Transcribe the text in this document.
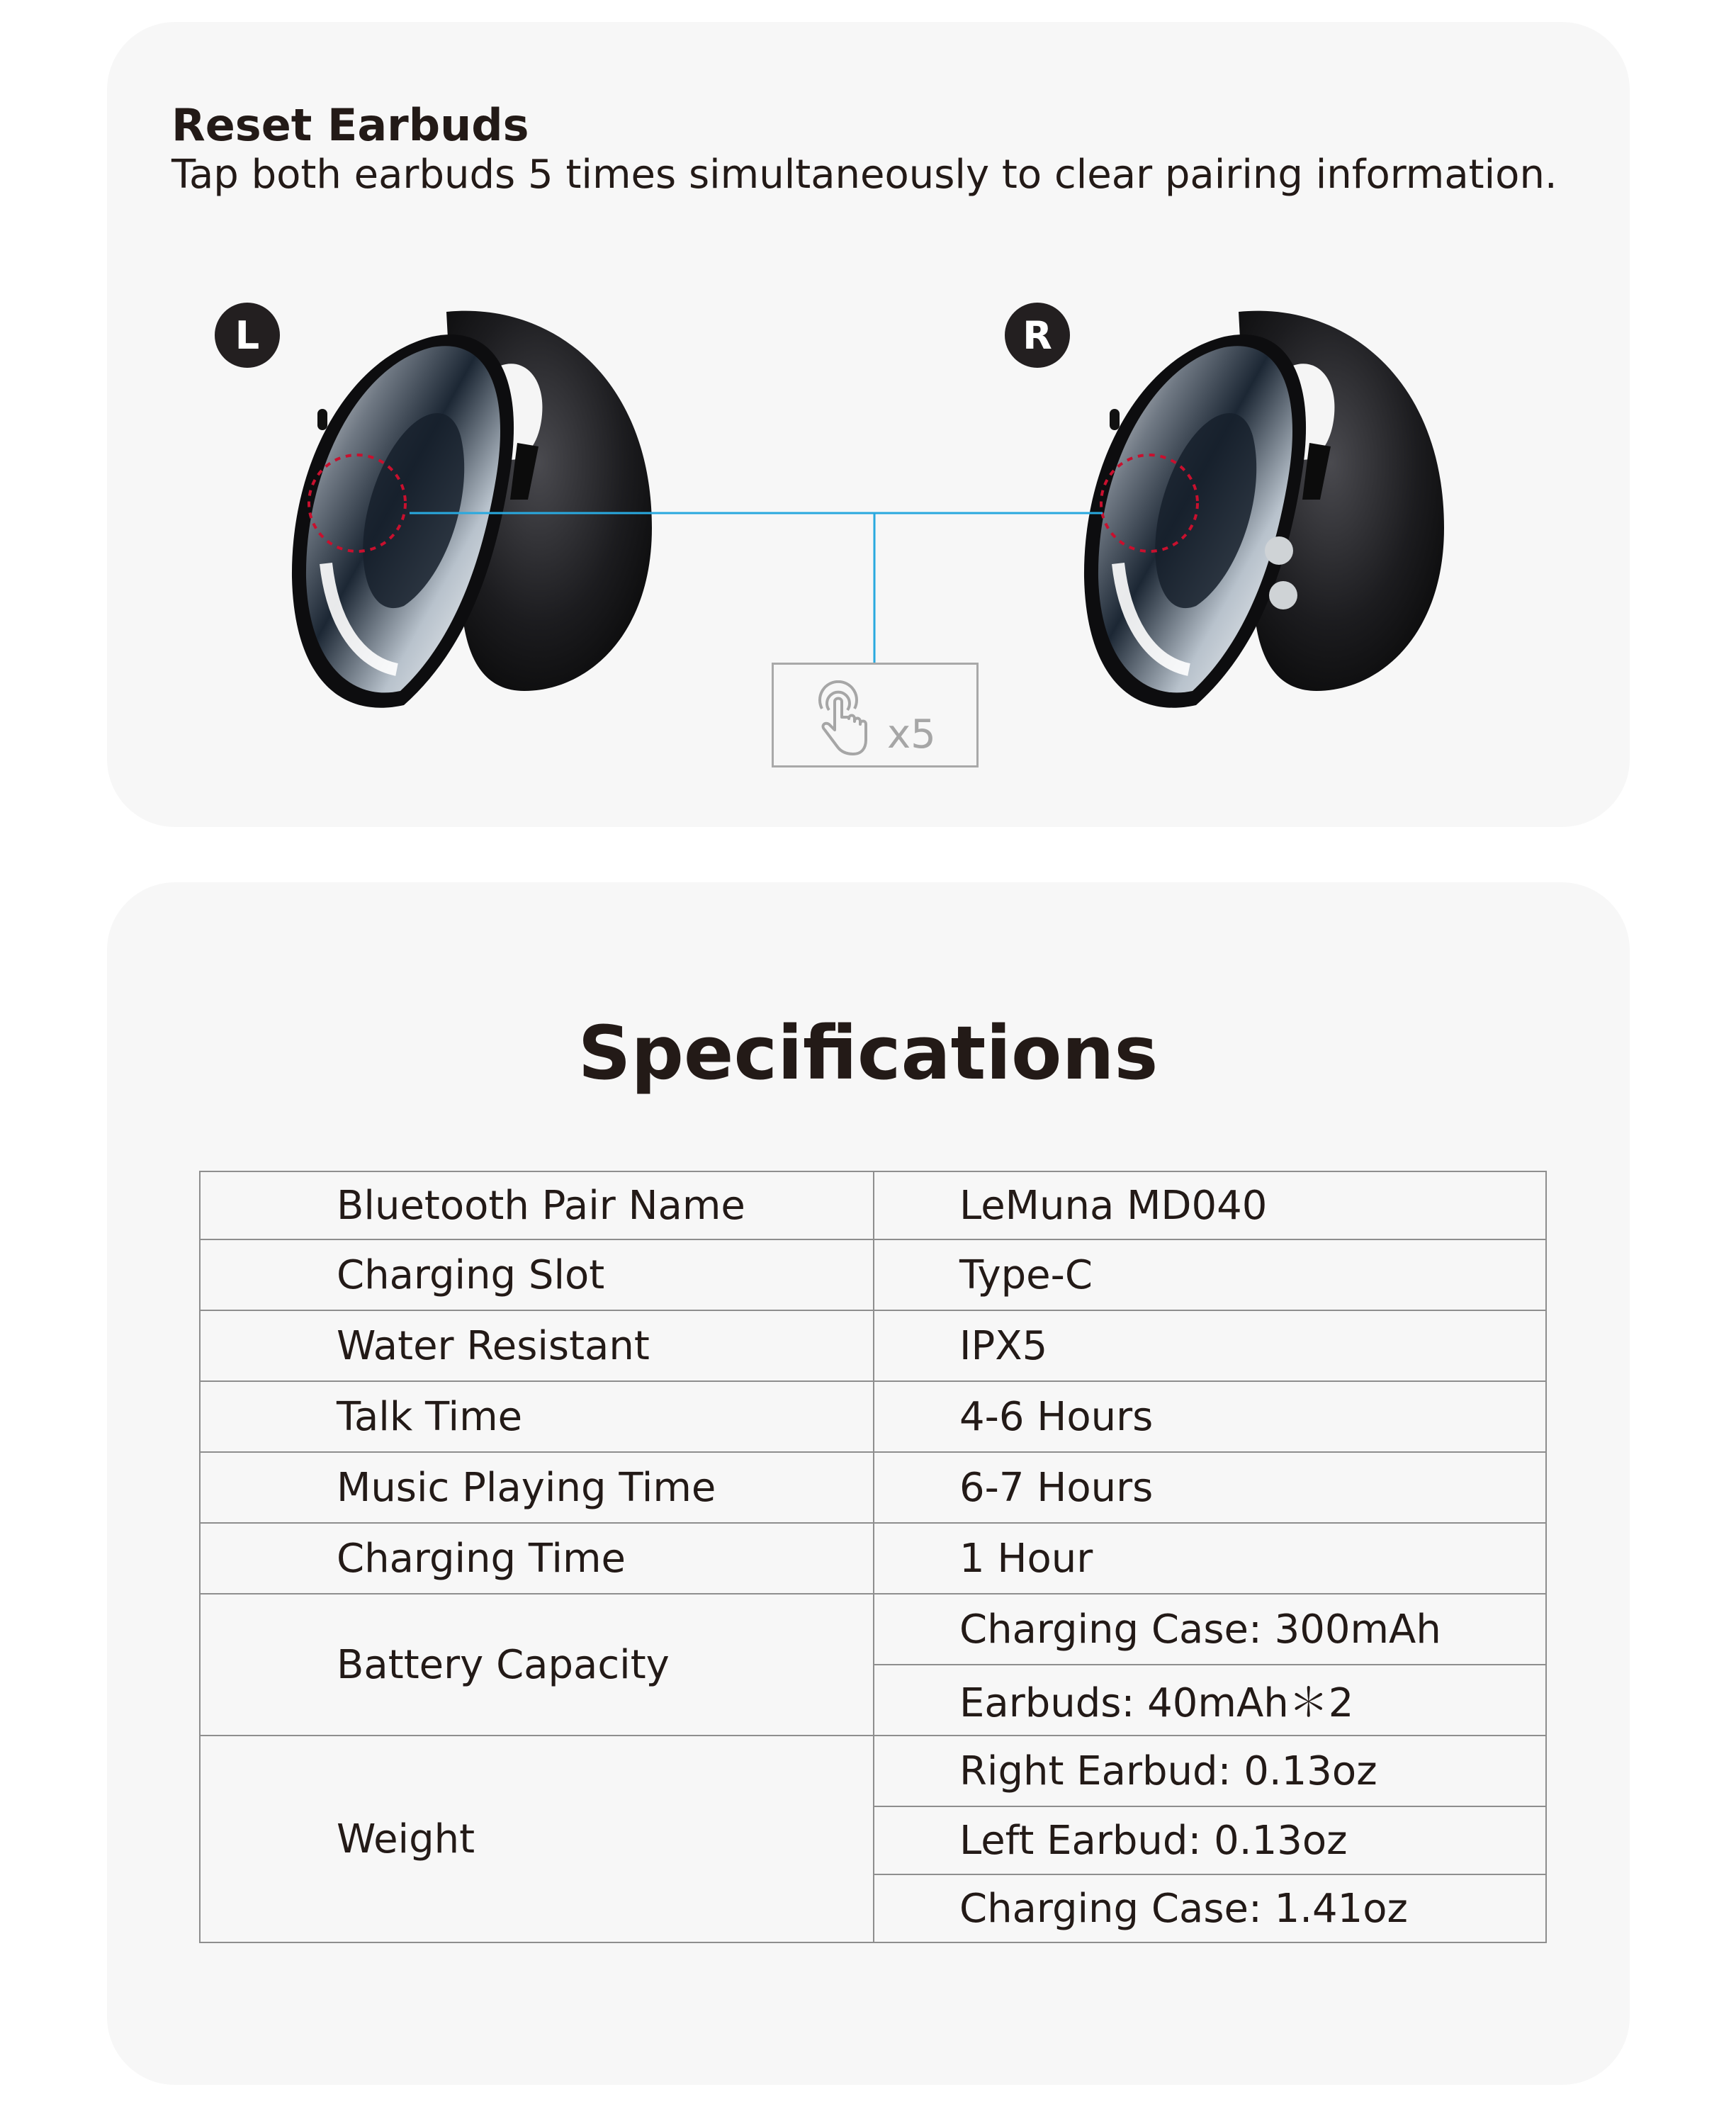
Reset Earbuds
Tap both earbuds 5 times simultaneously to clear pairing information.
L	R
x5
Specifications
Bluetooth Pair Name	LeMuna MD040
Charging Slot	Type-C
Water Resistant	IPX5
Talk Time	4-6 Hours
Music Playing Time	6-7 Hours
Charging Time	1 Hour
Battery Capacity	Charging Case: 300mAh
	Earbuds: 40mAh＊2
Weight	Right Earbud: 0.13oz
	Left Earbud: 0.13oz
	Charging Case: 1.41oz
